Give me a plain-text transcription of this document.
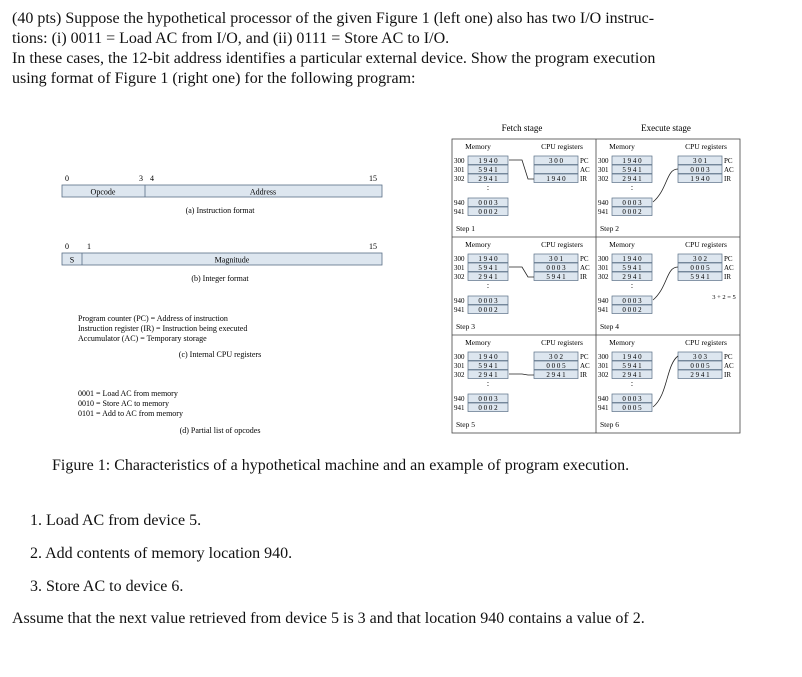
(40 pts) Suppose the hypothetical processor of the given Figure 1 (left one) also has two I/O instruc-

tions: (i) 0011 = Load AC from I/O, and (ii) 0111 = Store AC to I/O.

In these cases, the 12-bit address identifies a particular external device. Show the program execution

using format of Figure 1 (right one) for the following program:

0	3 4	15
Opcode	Address
(a) Instruction format
0 1	15
S	Magnitude
(b) Integer format
Program counter (PC) = Address of instruction
Instruction register (IR) = Instruction being executed
Accumulator (AC) = Temporary storage
(c) Internal CPU registers
0001 = Load AC from memory
0010 = Store AC to memory
0101 = Add to AC from memory
(d) Partial list of opcodes
Fetch stage	Execute stage
Memory	CPU registers
300 1 9 4 0
301 5 9 4 1
302 2 9 4 1
940 0 0 0 3
941 0 0 0 2
:
3 0 0 PC
AC
1 9 4 0 IR
Step 1
Memory	CPU registers
300 1 9 4 0
301 5 9 4 1
302 2 9 4 1
940 0 0 0 3
941 0 0 0 2
:
3 0 1 PC
0 0 0 3 AC
1 9 4 0 IR
Step 2
Memory	CPU registers
300 1 9 4 0
301 5 9 4 1
302 2 9 4 1
940 0 0 0 3
941 0 0 0 2
:
3 0 1 PC
0 0 0 3 AC
5 9 4 1 IR
Step 3
Memory	CPU registers
300 1 9 4 0
301 5 9 4 1
302 2 9 4 1
940 0 0 0 3
941 0 0 0 2
:
3 0 2 PC
0 0 0 5 AC
5 9 4 1 IR
Step 4
Memory	CPU registers
300 1 9 4 0
301 5 9 4 1
302 2 9 4 1
940 0 0 0 3
941 0 0 0 2
:
3 0 2 PC
0 0 0 5 AC
2 9 4 1 IR
Step 5
Memory	CPU registers
300 1 9 4 0
301 5 9 4 1
302 2 9 4 1
940 0 0 0 3
941 0 0 0 5
:
3 0 3 PC
0 0 0 5 AC
2 9 4 1 IR
Step 6
3 + 2 = 5
Figure 1: Characteristics of a hypothetical machine and an example of program execution.
1. Load AC from device 5.
2. Add contents of memory location 940.
3. Store AC to device 6.
Assume that the next value retrieved from device 5 is 3 and that location 940 contains a value of 2.
